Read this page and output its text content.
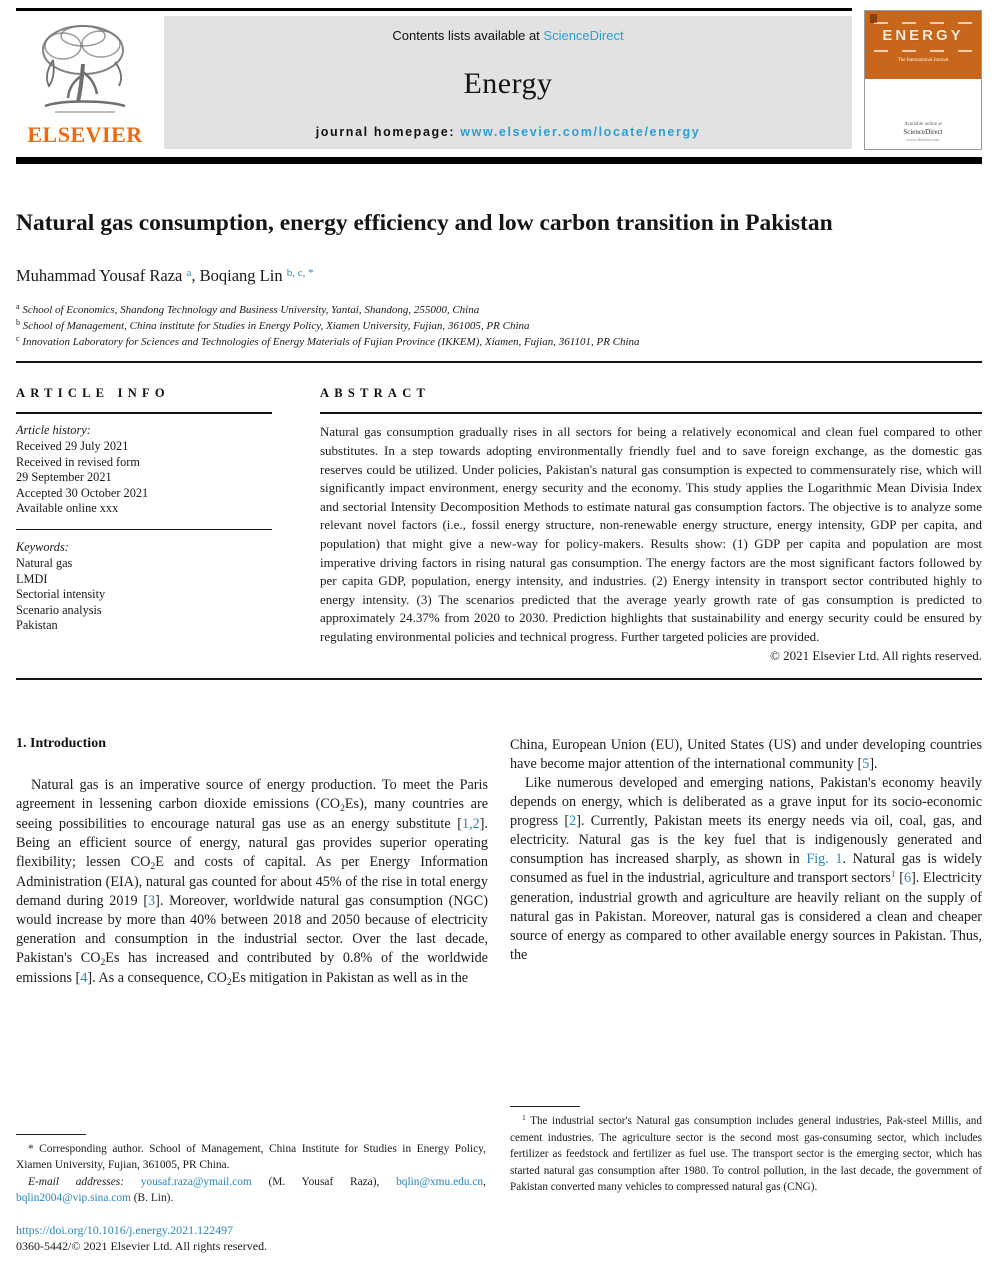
ELSEVIER
Contents lists available at ScienceDirect
Energy
journal homepage: www.elsevier.com/locate/energy
ENERGY
The International Journal
Available online at
ScienceDirect
www.elsevier.com
Natural gas consumption, energy efficiency and low carbon transition in Pakistan
Muhammad Yousaf Raza $^a$, Boqiang Lin $^{b, c, *}$
$^a$ School of Economics, Shandong Technology and Business University, Yantai, Shandong, 255000, China
$^b$ School of Management, China institute for Studies in Energy Policy, Xiamen University, Fujian, 361005, PR China
$^c$ Innovation Laboratory for Sciences and Technologies of Energy Materials of Fujian Province (IKKEM), Xiamen, Fujian, 361101, PR China
ARTICLE INFO
Article history:
Received 29 July 2021
Received in revised form
29 September 2021
Accepted 30 October 2021
Available online xxx
Keywords:
Natural gas
LMDI
Sectorial intensity
Scenario analysis
Pakistan
ABSTRACT

Natural gas consumption gradually rises in all sectors for being a relatively economical and clean fuel compared to other substitutes. In a step towards adopting environmentally friendly fuel and to save foreign exchange, as the domestic gas reserves could be utilized. Under policies, Pakistan's natural gas consumption is expected to commensurately rise, which will significantly impact environment, energy security and the economy. This study applies the Logarithmic Mean Divisia Index and sectorial Intensity Decomposition Methods to estimate natural gas consumption factors. The objective is to analyze some relevant novel factors (i.e., fossil energy structure, non-renewable energy structure, energy intensity, GDP per capita, and population) that might give a new-way for policy-makers. Results show: (1) GDP per capita and population are most imperative driving factors in rising natural gas consumption. The energy factors are the most significant factors followed by per capita GDP, population, energy intensity, and industries. (2) Energy intensity in transport sector contributed highly to energy intensity. (3) The scenarios predicted that the average yearly growth rate of gas consumption is predicted to approximately 24.37% from 2020 to 2030. Prediction highlights that sustainability and energy security could be ensured by regulating environmental policies and technical progress. Further targeted policies are provided.

© 2021 Elsevier Ltd. All rights reserved.
1. Introduction

Natural gas is an imperative source of energy production. To meet the Paris agreement in lessening carbon dioxide emissions $(CO_2Es)$, many countries are seeing possibilities to encourage natural gas use as an energy substitute [1,2]. Being an efficient source of energy, natural gas provides superior operating flexibility; lessen $CO_2E$ and costs of capital. As per Energy Information Administration (EIA), natural gas counted for about 45% of the rise in total energy demand during 2019 [3]. Moreover, worldwide natural gas consumption (NGC) would increase by more than 40% between 2018 and 2050 because of electricity generation and consumption in the industrial sector. Over the last decade, Pakistan's $CO_2Es$ has increased and contributed by 0.8% of the worldwide emissions [4]. As a consequence, $CO_2Es$ mitigation in Pakistan as well as in the

China, European Union (EU), United States (US) and under developing countries have become major attention of the international community [5].

Like numerous developed and emerging nations, Pakistan's economy heavily depends on energy, which is deliberated as a grave input for its socio-economic progress [2]. Currently, Pakistan meets its energy needs via oil, coal, gas, and electricity. Natural gas is the key fuel that is indigenously generated and consumption has increased sharply, as shown in Fig. 1. Natural gas is widely consumed as fuel in the industrial, agriculture and transport sectors$^1$ [6]. Electricity generation, industrial growth and agriculture are heavily reliant on the supply of natural gas in Pakistan. Moreover, natural gas is considered a clean and cheaper source of energy as compared to other available energy sources in Pakistan. Thus, the

* Corresponding author. School of Management, China Institute for Studies in Energy Policy, Xiamen University, Fujian, 361005, PR China.
E-mail addresses: yousaf.raza@ymail.com (M. Yousaf Raza), bqlin@xmu.edu.cn, bqlin2004@vip.sina.com (B. Lin).
https://doi.org/10.1016/j.energy.2021.122497
0360-5442/© 2021 Elsevier Ltd. All rights reserved.
$^1$ The industrial sector's Natural gas consumption includes general industries, Pak-steel Millis, and cement industries. The agriculture sector is the second most gas-consuming sector, which includes fertilizer as feedstock and fertilizer as fuel use. The transport sector is the emerging sector, which has started natural gas consumption after 1980. To control pollution, in the last decade, the government of Pakistan converted many vehicles to compressed natural gas (CNG).
